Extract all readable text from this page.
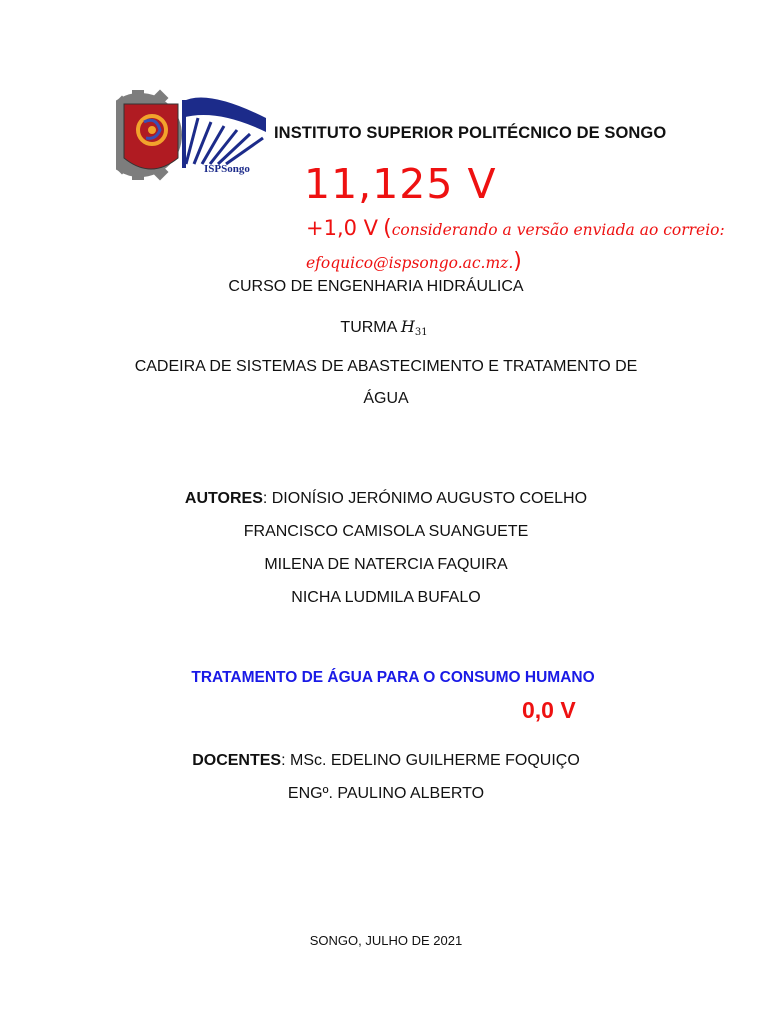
ISPSongo
INSTITUTO SUPERIOR POLITÉCNICO DE SONGO
11,125 V
+1,0 V (considerando a versão enviada ao correio: efoquico@ispsongo.ac.mz.)
CURSO DE ENGENHARIA HIDRÁULICA
TURMA $H_{31}$
CADEIRA DE SISTEMAS DE ABASTECIMENTO E TRATAMENTO DE
ÁGUA
AUTORES: DIONÍSIO JERÓNIMO AUGUSTO COELHO
FRANCISCO CAMISOLA SUANGUETE
MILENA DE NATERCIA FAQUIRA
NICHA LUDMILA BUFALO
TRATAMENTO DE ÁGUA PARA O CONSUMO HUMANO
0,0 V
DOCENTES: MSc. EDELINO GUILHERME FOQUIÇO
ENGº. PAULINO ALBERTO
SONGO, JULHO DE 2021
